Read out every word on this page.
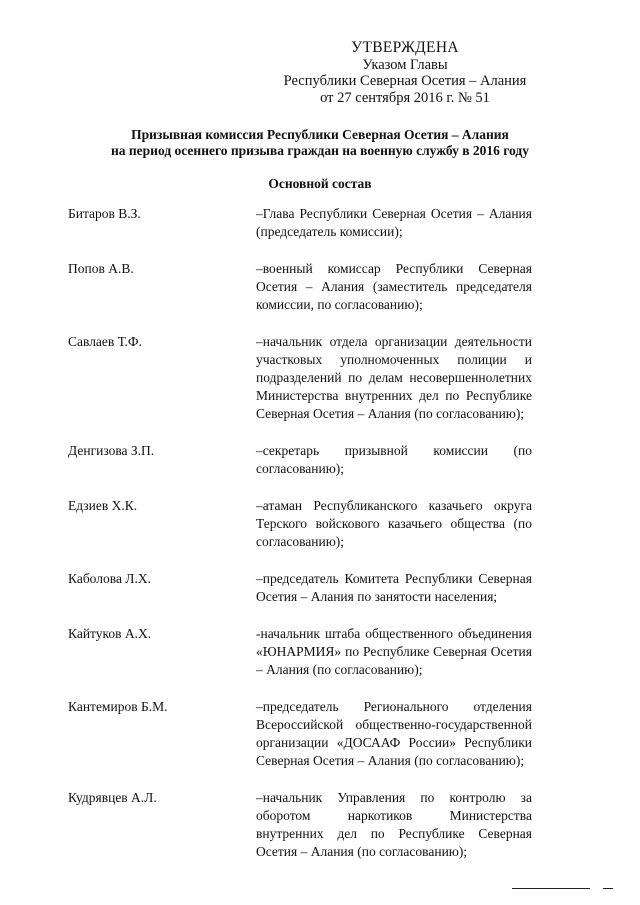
УТВЕРЖДЕНА
Указом Главы
Республики Северная Осетия – Алания
от 27 сентября 2016 г. № 51
Призывная комиссия Республики Северная Осетия – Алания
на период осеннего призыва граждан на военную службу в 2016 году
Основной состав
Битаров В.З.	–Глава Республики Северная Осетия – Алания (председатель комиссии);
Попов А.В.	–военный комиссар Республики Северная Осетия – Алания (заместитель председателя комиссии, по согласованию);
Савлаев Т.Ф.	–начальник отдела организации деятельности участковых уполномоченных полиции и подразделений по делам несовершеннолетних Министерства внутренних дел по Республике Северная Осетия – Алания (по согласованию);
Денгизова З.П.	–секретарь призывной комиссии (по согласованию);
Едзиев Х.К.	–атаман Республиканского казачьего округа Терского войскового казачьего общества (по согласованию);
Каболова Л.Х.	–председатель Комитета Республики Северная Осетия – Алания по занятости населения;
Кайтуков А.Х.	-начальник штаба общественного объединения «ЮНАРМИЯ» по Республике Северная Осетия – Алания (по согласованию);
Кантемиров Б.М.	–председатель Регионального отделения Всероссийской общественно-государственной организации «ДОСААФ России» Республики Северная Осетия – Алания (по согласованию);
Кудрявцев А.Л.	–начальник Управления по контролю за оборотом наркотиков Министерства внутренних дел по Республике Северная Осетия – Алания (по согласованию);
